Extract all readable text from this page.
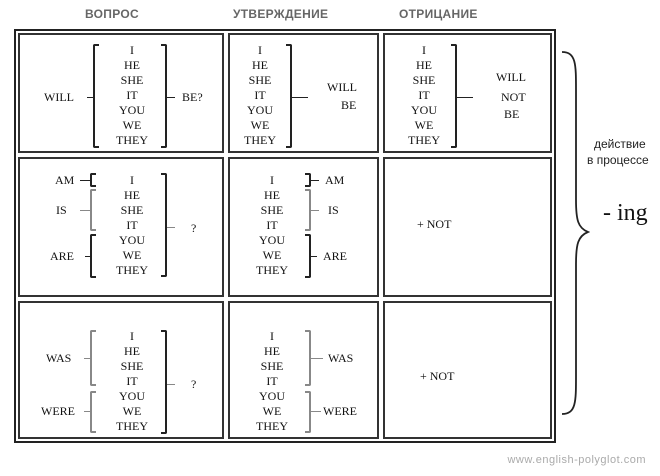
ВОПРОС	УТВЕРЖДЕНИЕ	ОТРИЦАНИЕ
WILL
I
HE
SHE
IT
YOU
WE
THEY
BE?
I
HE
SHE
IT
YOU
WE
THEY
WILL
BE
I
HE
SHE
IT
YOU
WE
THEY
WILL
NOT
BE
AM
IS
ARE
I
HE
SHE
IT
YOU
WE
THEY
?
I
HE
SHE
IT
YOU
WE
THEY
AM
IS
ARE
+ NOT
WAS
WERE
I
HE
SHE
IT
YOU
WE
THEY
?
I
HE
SHE
IT
YOU
WE
THEY
WAS
WERE
+ NOT
действие
в процессе
- ing
www.english-polyglot.com
